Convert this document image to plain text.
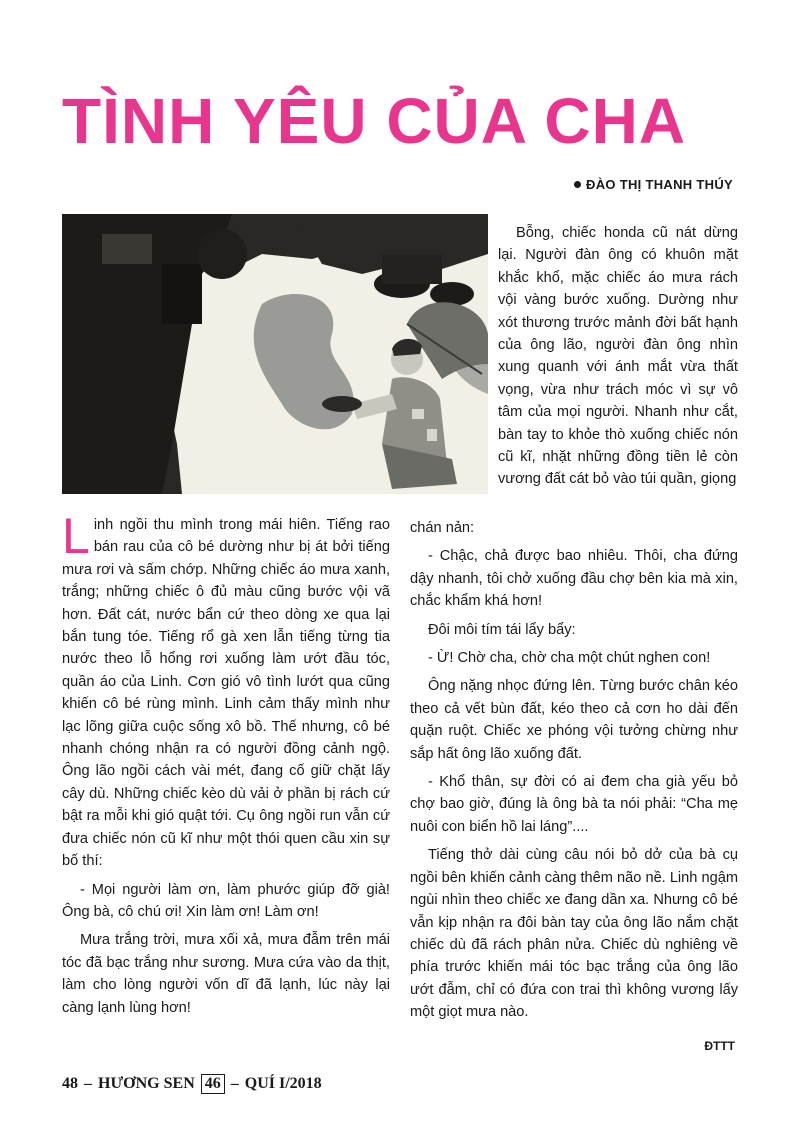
TÌNH YÊU CỦA CHA
ĐÀO THỊ THANH THÚY

Bỗng, chiếc honda cũ nát dừng lại. Người đàn ông có khuôn mặt khắc khổ, mặc chiếc áo mưa rách vội vàng bước xuống. Dường như xót thương trước mảnh đời bất hạnh của ông lão, người đàn ông nhìn xung quanh với ánh mắt vừa thất vọng, vừa như trách móc vì sự vô tâm của mọi người. Nhanh như cắt, bàn tay to khỏe thò xuống chiếc nón cũ kĩ, nhặt những đồng tiền lẻ còn vương đất cát bỏ vào túi quần, giọng

Linh ngồi thu mình trong mái hiên. Tiếng rao bán rau của cô bé dường như bị át bởi tiếng mưa rơi và sấm chớp. Những chiếc áo mưa xanh, trắng; những chiếc ô đủ màu cũng bước vội vã hơn. Đất cát, nước bẩn cứ theo dòng xe qua lại bắn tung tóe. Tiếng rổ gà xen lẫn tiếng từng tia nước theo lỗ hổng rơi xuống làm ướt đầu tóc, quần áo của Linh. Cơn gió vô tình lướt qua cũng khiến cô bé rùng mình. Linh cảm thấy mình như lạc lõng giữa cuộc sống xô bồ. Thế nhưng, cô bé nhanh chóng nhận ra có người đồng cảnh ngộ. Ông lão ngồi cách vài mét, đang cố giữ chặt lấy cây dù. Những chiếc kèo dù vải ở phần bị rách cứ bật ra mỗi khi gió quật tới. Cụ ông ngồi run vẫn cứ đưa chiếc nón cũ kĩ như một thói quen cầu xin sự bố thí:

- Mọi người làm ơn, làm phước giúp đỡ già! Ông bà, cô chú ơi! Xin làm ơn! Làm ơn!

Mưa trắng trời, mưa xối xả, mưa đẫm trên mái tóc đã bạc trắng như sương. Mưa cứa vào da thịt, làm cho lòng người vốn dĩ đã lạnh, lúc này lại càng lạnh lùng hơn!

chán nản:

- Chậc, chả được bao nhiêu. Thôi, cha đứng dậy nhanh, tôi chở xuống đầu chợ bên kia mà xin, chắc khẩm khá hơn!

Đôi môi tím tái lẩy bẩy:

- Ừ! Chờ cha, chờ cha một chút nghen con!

Ông nặng nhọc đứng lên. Từng bước chân kéo theo cả vết bùn đất, kéo theo cả cơn ho dài đến quặn ruột. Chiếc xe phóng vội tưởng chừng như sắp hất ông lão xuống đất.

- Khổ thân, sự đời có ai đem cha già yếu bỏ chợ bao giờ, đúng là ông bà ta nói phải: “Cha mẹ nuôi con biển hồ lai láng”....

Tiếng thở dài cùng câu nói bỏ dở của bà cụ ngồi bên khiến cảnh càng thêm não nề. Linh ngậm ngùi nhìn theo chiếc xe đang dần xa. Nhưng cô bé vẫn kịp nhận ra đôi bàn tay của ông lão nắm chặt chiếc dù đã rách phân nửa. Chiếc dù nghiêng về phía trước khiến mái tóc bạc trắng của ông lão ướt đẫm, chỉ có đứa con trai thì không vương lấy một giọt mưa nào.

ĐTTT
48 – HƯƠNG SEN 46 – QUÍ I/2018
